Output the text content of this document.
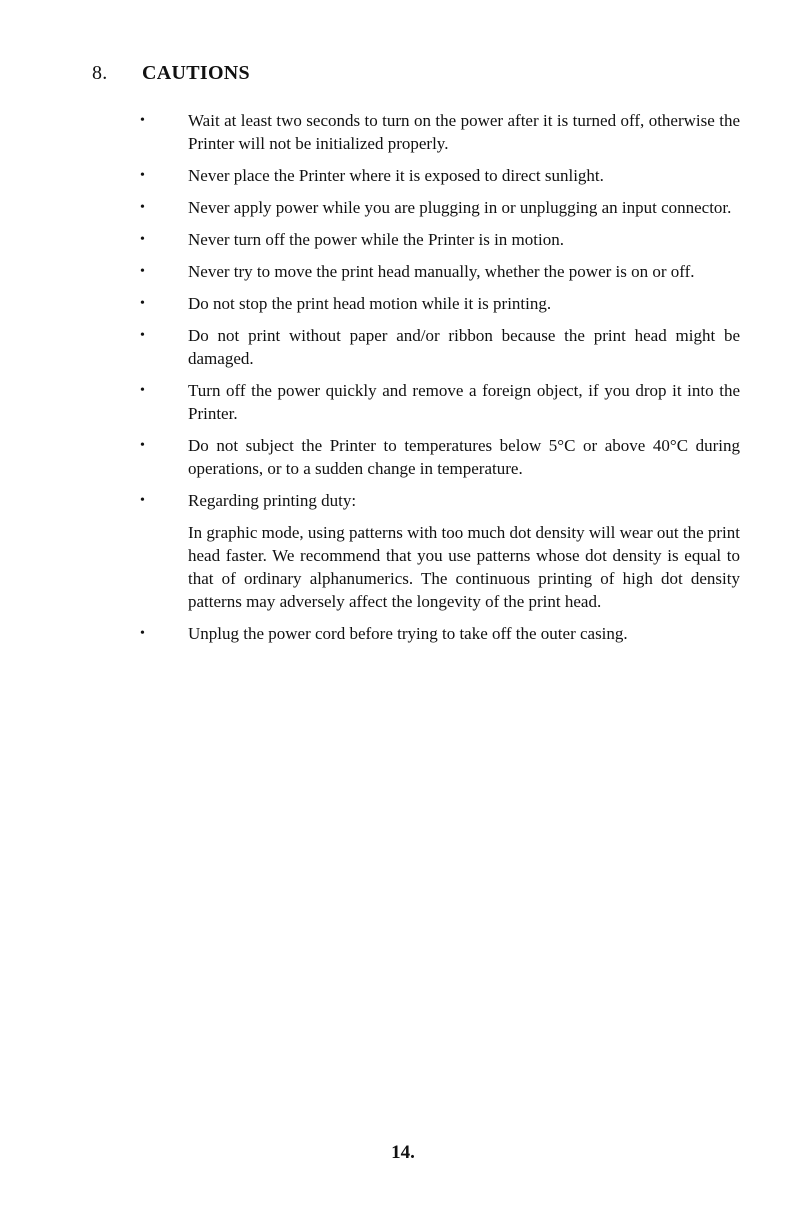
8.	CAUTIONS
•	Wait at least two seconds to turn on the power after it is turned off, otherwise the Printer will not be initialized properly.
•	Never place the Printer where it is exposed to direct sunlight.
•	Never apply power while you are plugging in or unplugging an input connector.
•	Never turn off the power while the Printer is in motion.
•	Never try to move the print head manually, whether the power is on or off.
•	Do not stop the print head motion while it is printing.
•	Do not print without paper and/or ribbon because the print head might be damaged.
•	Turn off the power quickly and remove a foreign object, if you drop it into the Printer.
•	Do not subject the Printer to temperatures below 5°C or above 40°C during operations, or to a sudden change in temperature.
•	Regarding printing duty:
In graphic mode, using patterns with too much dot density will wear out the print head faster. We recommend that you use patterns whose dot density is equal to that of ordinary alphanumerics. The continuous printing of high dot density patterns may adversely affect the longevity of the print head.
•	Unplug the power cord before trying to take off the outer casing.
14.
